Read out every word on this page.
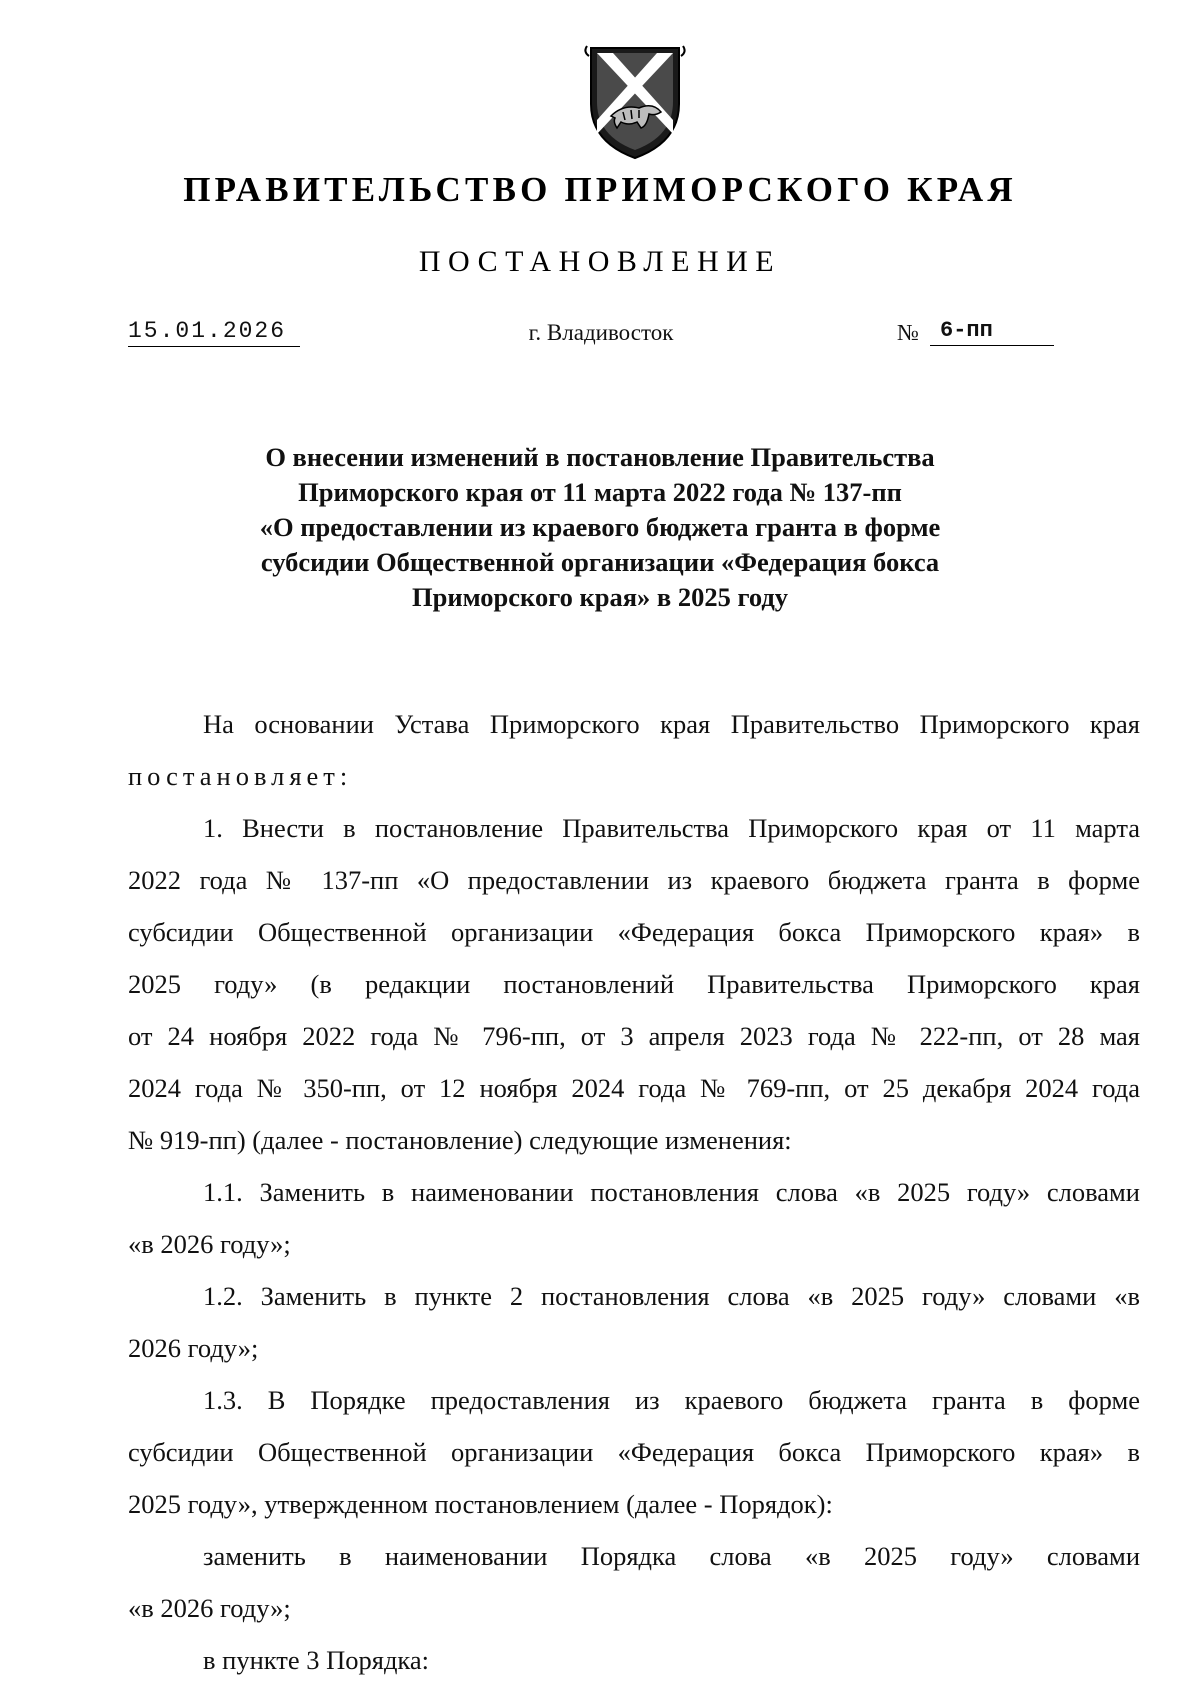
ПРАВИТЕЛЬСТВО ПРИМОРСКОГО КРАЯ
ПОСТАНОВЛЕНИЕ
15.01.2026	г. Владивосток	№ 6-пп
О внесении изменений в постановление Правительства
Приморского края от 11 марта 2022 года № 137-пп
«О предоставлении из краевого бюджета гранта в форме
субсидии Общественной организации «Федерация бокса
Приморского края» в 2025 году
На основании Устава Приморского края Правительство Приморского края
постановляет:
1. Внести в постановление Правительства Приморского края от 11 марта
2022 года № 137-пп «О предоставлении из краевого бюджета гранта в форме
субсидии Общественной организации «Федерация бокса Приморского края» в
2025 году» (в редакции постановлений Правительства Приморского края
от 24 ноября 2022 года № 796-пп, от 3 апреля 2023 года № 222-пп, от 28 мая
2024 года № 350-пп, от 12 ноября 2024 года № 769-пп, от 25 декабря 2024 года
№ 919-пп) (далее - постановление) следующие изменения:
1.1. Заменить в наименовании постановления слова «в 2025 году» словами
«в 2026 году»;
1.2. Заменить в пункте 2 постановления слова «в 2025 году» словами «в
2026 году»;
1.3. В Порядке предоставления из краевого бюджета гранта в форме
субсидии Общественной организации «Федерация бокса Приморского края» в
2025 году», утвержденном постановлением (далее - Порядок):
заменить в наименовании Порядка слова «в 2025 году» словами
«в 2026 году»;
в пункте 3 Порядка:
